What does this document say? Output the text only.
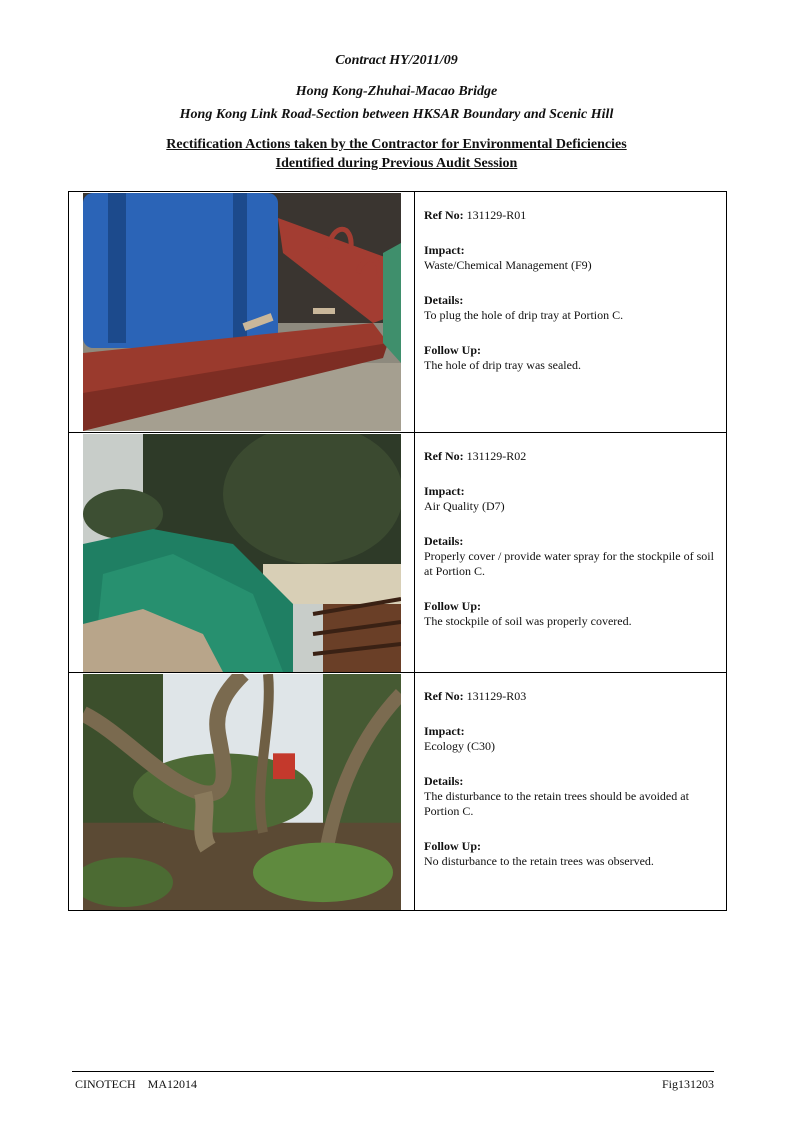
Contract HY/2011/09
Hong Kong-Zhuhai-Macao Bridge
Hong Kong Link Road-Section between HKSAR Boundary and Scenic Hill
Rectification Actions taken by the Contractor for Environmental Deficiencies
Identified during Previous Audit Session

Ref No: 131129-R01

Impact:
Waste/Chemical Management (F9)

Details:
To plug the hole of drip tray at Portion C.

Follow Up:
The hole of drip tray was sealed.

Ref No: 131129-R02

Impact:
Air Quality (D7)

Details:
Properly cover / provide water spray for the stockpile of soil at Portion C.

Follow Up:
The stockpile of soil was properly covered.

Ref No: 131129-R03

Impact:
Ecology (C30)

Details:
The disturbance to the retain trees should be avoided at Portion C.

Follow Up:
No disturbance to the retain trees was observed.

CINOTECH    MA12014	Fig131203
